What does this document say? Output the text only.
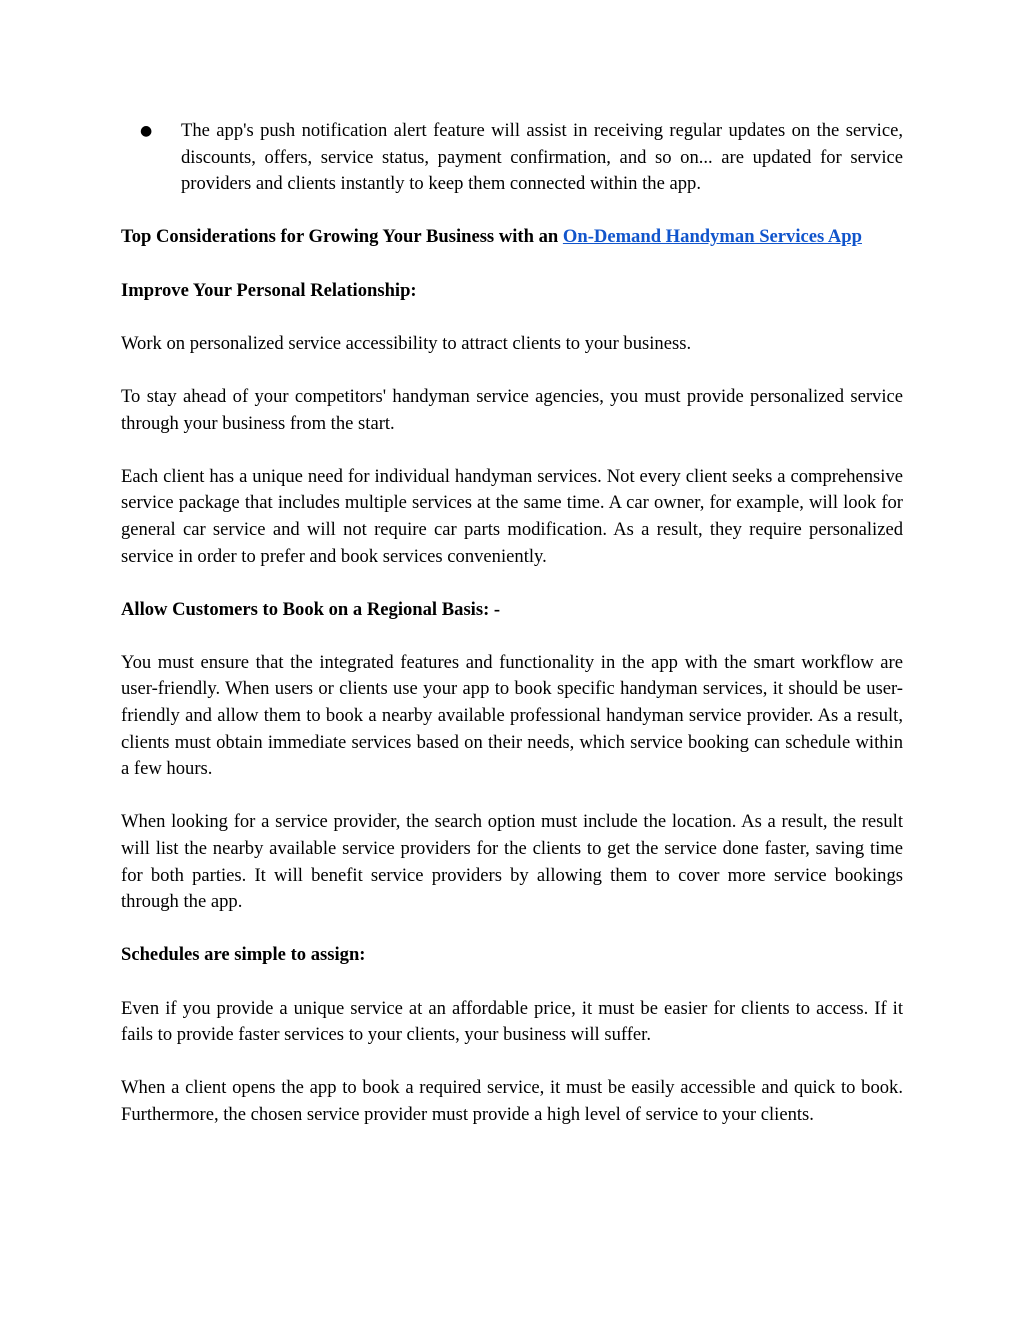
● The app's push notification alert feature will assist in receiving regular updates on the service, discounts, offers, service status, payment confirmation, and so on... are updated for service providers and clients instantly to keep them connected within the app.
Top Considerations for Growing Your Business with an On-Demand Handyman Services App
Improve Your Personal Relationship:

Work on personalized service accessibility to attract clients to your business.

To stay ahead of your competitors' handyman service agencies, you must provide personalized service through your business from the start.

Each client has a unique need for individual handyman services. Not every client seeks a comprehensive service package that includes multiple services at the same time. A car owner, for example, will look for general car service and will not require car parts modification. As a result, they require personalized service in order to prefer and book services conveniently.

Allow Customers to Book on a Regional Basis: -

You must ensure that the integrated features and functionality in the app with the smart workflow are user-friendly. When users or clients use your app to book specific handyman services, it should be user-friendly and allow them to book a nearby available professional handyman service provider. As a result, clients must obtain immediate services based on their needs, which service booking can schedule within a few hours.

When looking for a service provider, the search option must include the location. As a result, the result will list the nearby available service providers for the clients to get the service done faster, saving time for both parties. It will benefit service providers by allowing them to cover more service bookings through the app.

Schedules are simple to assign:

Even if you provide a unique service at an affordable price, it must be easier for clients to access. If it fails to provide faster services to your clients, your business will suffer.

When a client opens the app to book a required service, it must be easily accessible and quick to book. Furthermore, the chosen service provider must provide a high level of service to your clients.
